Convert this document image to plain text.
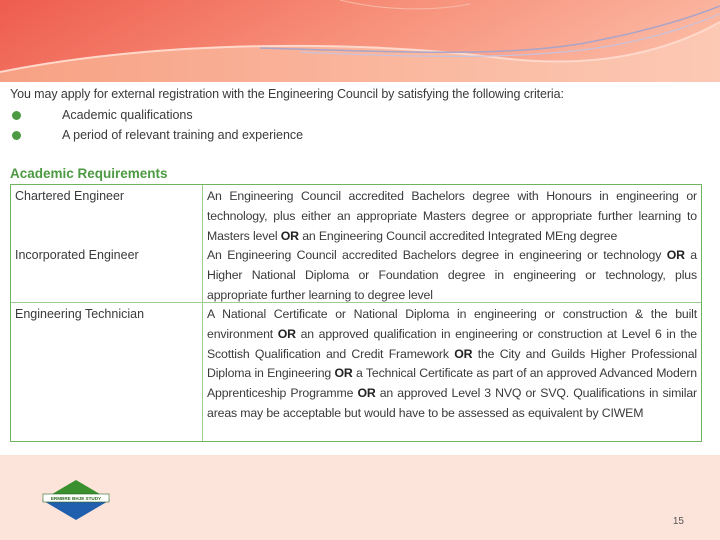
You may apply for external registration with the Engineering Council by satisfying the following criteria:
Academic qualifications
A period of relevant training and experience
Academic Requirements
Chartered Engineer	An Engineering Council accredited Bachelors degree with Honours in engineering or technology, plus either an appropriate Masters degree or appropriate further learning to Masters level OR an Engineering Council accredited Integrated MEng degree
Incorporated Engineer	An Engineering Council accredited Bachelors degree in engineering or technology OR a Higher National Diploma or Foundation degree in engineering or technology, plus appropriate further learning to degree level
Engineering Technician	A National Certificate or National Diploma in engineering or construction & the built environment OR an approved qualification in engineering or construction at Level 6 in the Scottish Qualification and Credit Framework OR the City and Guilds Higher Professional Diploma in Engineering OR a Technical Certificate as part of an approved Advanced Modern Apprenticeship Programme OR an approved Level 3 NVQ or SVQ. Qualifications in similar areas may be acceptable but would have to be assessed as equivalent by CIWEM
ERMBRE BHJE STUDY
15
